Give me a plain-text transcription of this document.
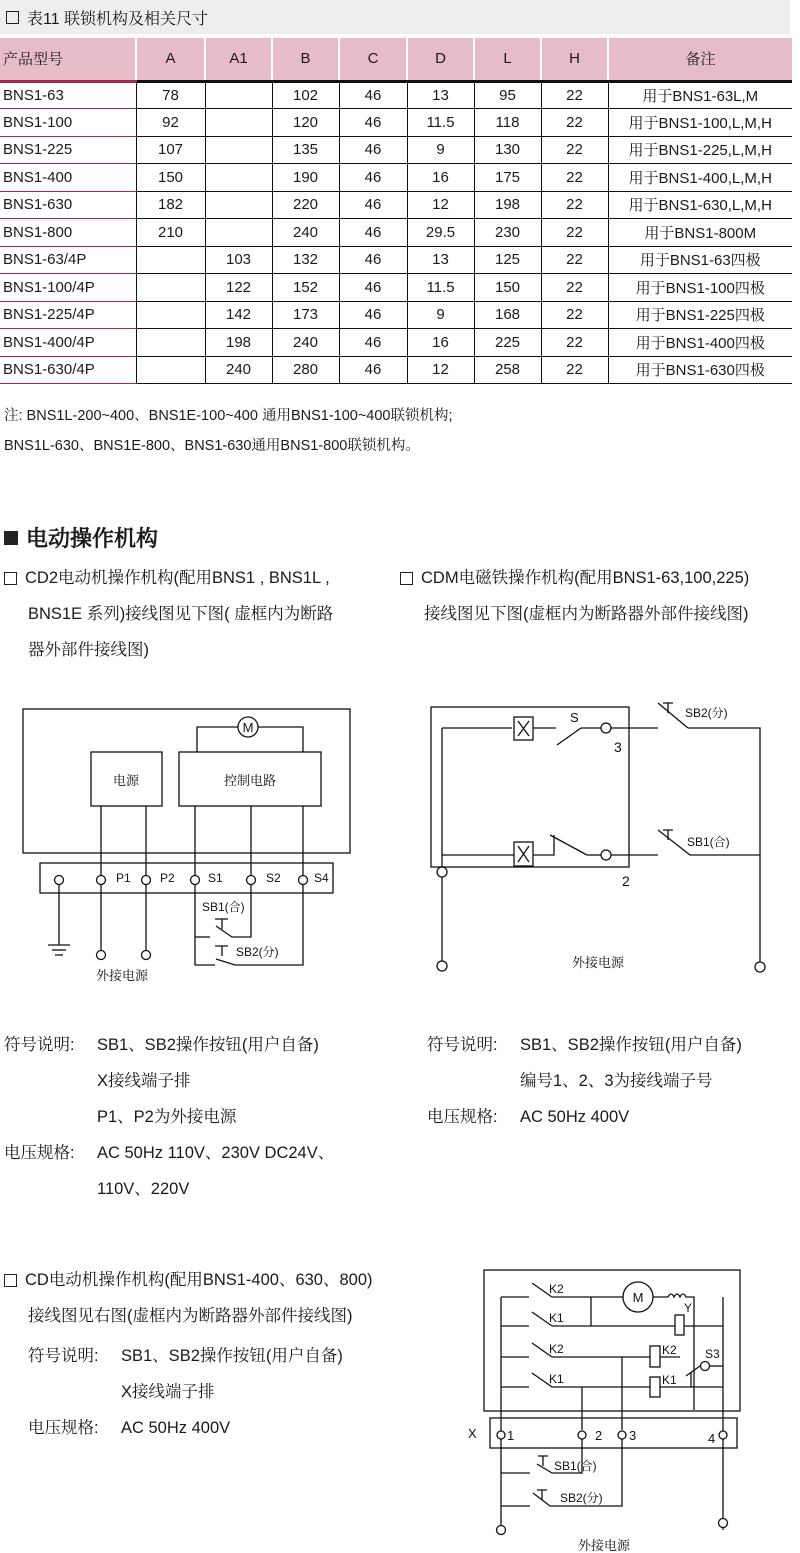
表11 联锁机构及相关尺寸
产品型号	A	A1	B	C	D	L	H	备注
BNS1-63	78		102	46	13	95	22	用于BNS1-63L,M
BNS1-100	92		120	46	11.5	118	22	用于BNS1-100,L,M,H
BNS1-225	107		135	46	9	130	22	用于BNS1-225,L,M,H
BNS1-400	150		190	46	16	175	22	用于BNS1-400,L,M,H
BNS1-630	182		220	46	12	198	22	用于BNS1-630,L,M,H
BNS1-800	210		240	46	29.5	230	22	用于BNS1-800M
BNS1-63/4P		103	132	46	13	125	22	用于BNS1-63四极
BNS1-100/4P		122	152	46	11.5	150	22	用于BNS1-100四极
BNS1-225/4P		142	173	46	9	168	22	用于BNS1-225四极
BNS1-400/4P		198	240	46	16	225	22	用于BNS1-400四极
BNS1-630/4P		240	280	46	12	258	22	用于BNS1-630四极
注: BNS1L-200~400、BNS1E-100~400 通用BNS1-100~400联锁机构;
BNS1L-630、BNS1E-800、BNS1-630通用BNS1-800联锁机构。
电动操作机构
CD2电动机操作机构(配用BNS1 , BNS1L ,
BNS1E 系列)接线图见下图( 虚框内为断路
器外部件接线图)
CDM电磁铁操作机构(配用BNS1-63,100,225)
接线图见下图(虚框内为断路器外部件接线图)
电源	控制电路
M
P1 P2	S1	S2	S4
外接电源
SB1(合)
SB2(分)
S
3
SB2(分)
2
SB1(合)
外接电源
符号说明:	SB1、SB2操作按钮(用户自备)
X接线端子排
P1、P2为外接电源
电压规格:	AC 50Hz 110V、230V DC24V、
110V、220V
符号说明:	SB1、SB2操作按钮(用户自备)
编号1、2、3为接线端子号
电压规格:	AC 50Hz 400V
CD电动机操作机构(配用BNS1-400、630、800)
接线图见右图(虚框内为断路器外部件接线图)
符号说明:	SB1、SB2操作按钮(用户自备)
X接线端子排
电压规格:	AC 50Hz 400V
M
K2
Y
K1
K2
K2
K1
K1
S3
X 1	2 3	4
SB1(合)
SB2(分)
外接电源
